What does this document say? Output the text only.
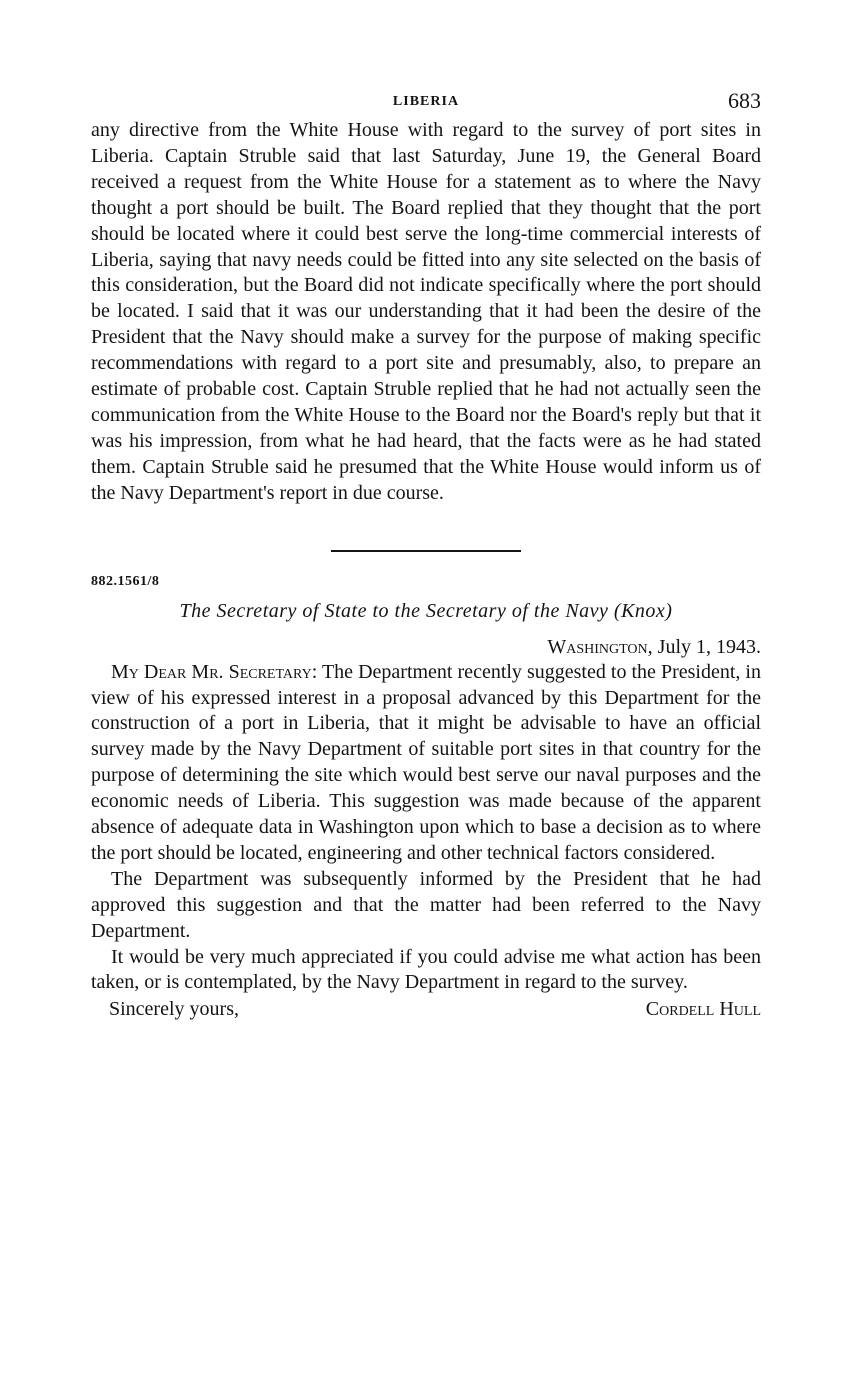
LIBERIA	683

any directive from the White House with regard to the survey of port sites in Liberia. Captain Struble said that last Saturday, June 19, the General Board received a request from the White House for a statement as to where the Navy thought a port should be built. The Board replied that they thought that the port should be located where it could best serve the long-time commercial interests of Liberia, saying that navy needs could be fitted into any site selected on the basis of this consideration, but the Board did not indicate specifically where the port should be located. I said that it was our understanding that it had been the desire of the President that the Navy should make a survey for the purpose of making specific recommendations with regard to a port site and presumably, also, to prepare an estimate of probable cost. Captain Struble replied that he had not actually seen the communication from the White House to the Board nor the Board's reply but that it was his impression, from what he had heard, that the facts were as he had stated them. Captain Struble said he presumed that the White House would inform us of the Navy Department's report in due course.

882.1561/8
The Secretary of State to the Secretary of the Navy (Knox)
Washington, July 1, 1943.

My Dear Mr. Secretary: The Department recently suggested to the President, in view of his expressed interest in a proposal advanced by this Department for the construction of a port in Liberia, that it might be advisable to have an official survey made by the Navy Department of suitable port sites in that country for the purpose of determining the site which would best serve our naval purposes and the economic needs of Liberia. This suggestion was made because of the apparent absence of adequate data in Washington upon which to base a decision as to where the port should be located, engineering and other technical factors considered.

The Department was subsequently informed by the President that he had approved this suggestion and that the matter had been referred to the Navy Department.

It would be very much appreciated if you could advise me what action has been taken, or is contemplated, by the Navy Department in regard to the survey.

Sincerely yours,	Cordell Hull
